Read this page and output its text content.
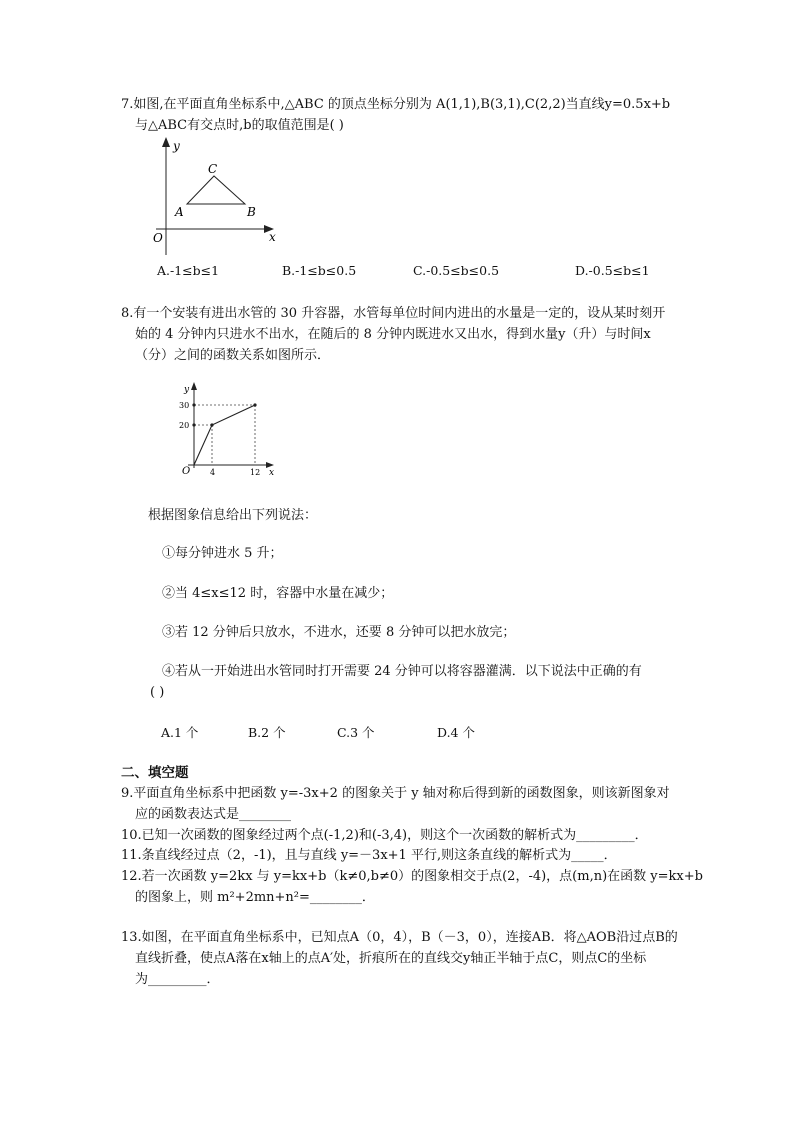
7.如图,在平面直角坐标系中,△ABC 的顶点坐标分别为 A(1,1),B(3,1),C(2,2)当直线y=0.5x+b
与△ABC有交点时,b的取值范围是( )
y
x
O
A	B
C
A.-1≤b≤1	B.-1≤b≤0.5	C.-0.5≤b≤0.5	D.-0.5≤b≤1
8.有一个安装有进出水管的 30 升容器，水管每单位时间内进出的水量是一定的，设从某时刻开
始的 4 分钟内只进水不出水，在随后的 8 分钟内既进水又出水，得到水量y（升）与时间x
（分）之间的函数关系如图所示．
y
x
O
30
20
4	12
根据图象信息给出下列说法：
①每分钟进水 5 升；
②当 4≤x≤12 时，容器中水量在减少；
③若 12 分钟后只放水，不进水，还要 8 分钟可以把水放完；
④若从一开始进出水管同时打开需要 24 分钟可以将容器灌满．以下说法中正确的有
( )
A.1 个	B.2 个	C.3 个	D.4 个
二、填空题
9.平面直角坐标系中把函数 y=-3x+2 的图象关于 y 轴对称后得到新的函数图象，则该新图象对
应的函数表达式是________
10.已知一次函数的图象经过两个点(-1,2)和(-3,4)，则这个一次函数的解析式为_________．
11.条直线经过点（2，-1)，且与直线 y=－3x+1 平行,则这条直线的解析式为_____．
12.若一次函数 y=2kx 与 y=kx+b（k≠0,b≠0）的图象相交于点(2，-4)，点(m,n)在函数 y=kx+b
的图象上，则 m²+2mn+n²=________．
13.如图，在平面直角坐标系中，已知点A（0，4），B（－3，0），连接AB．将△AOB沿过点B的
直线折叠，使点A落在x轴上的点A′处，折痕所在的直线交y轴正半轴于点C，则点C的坐标
为_________．
